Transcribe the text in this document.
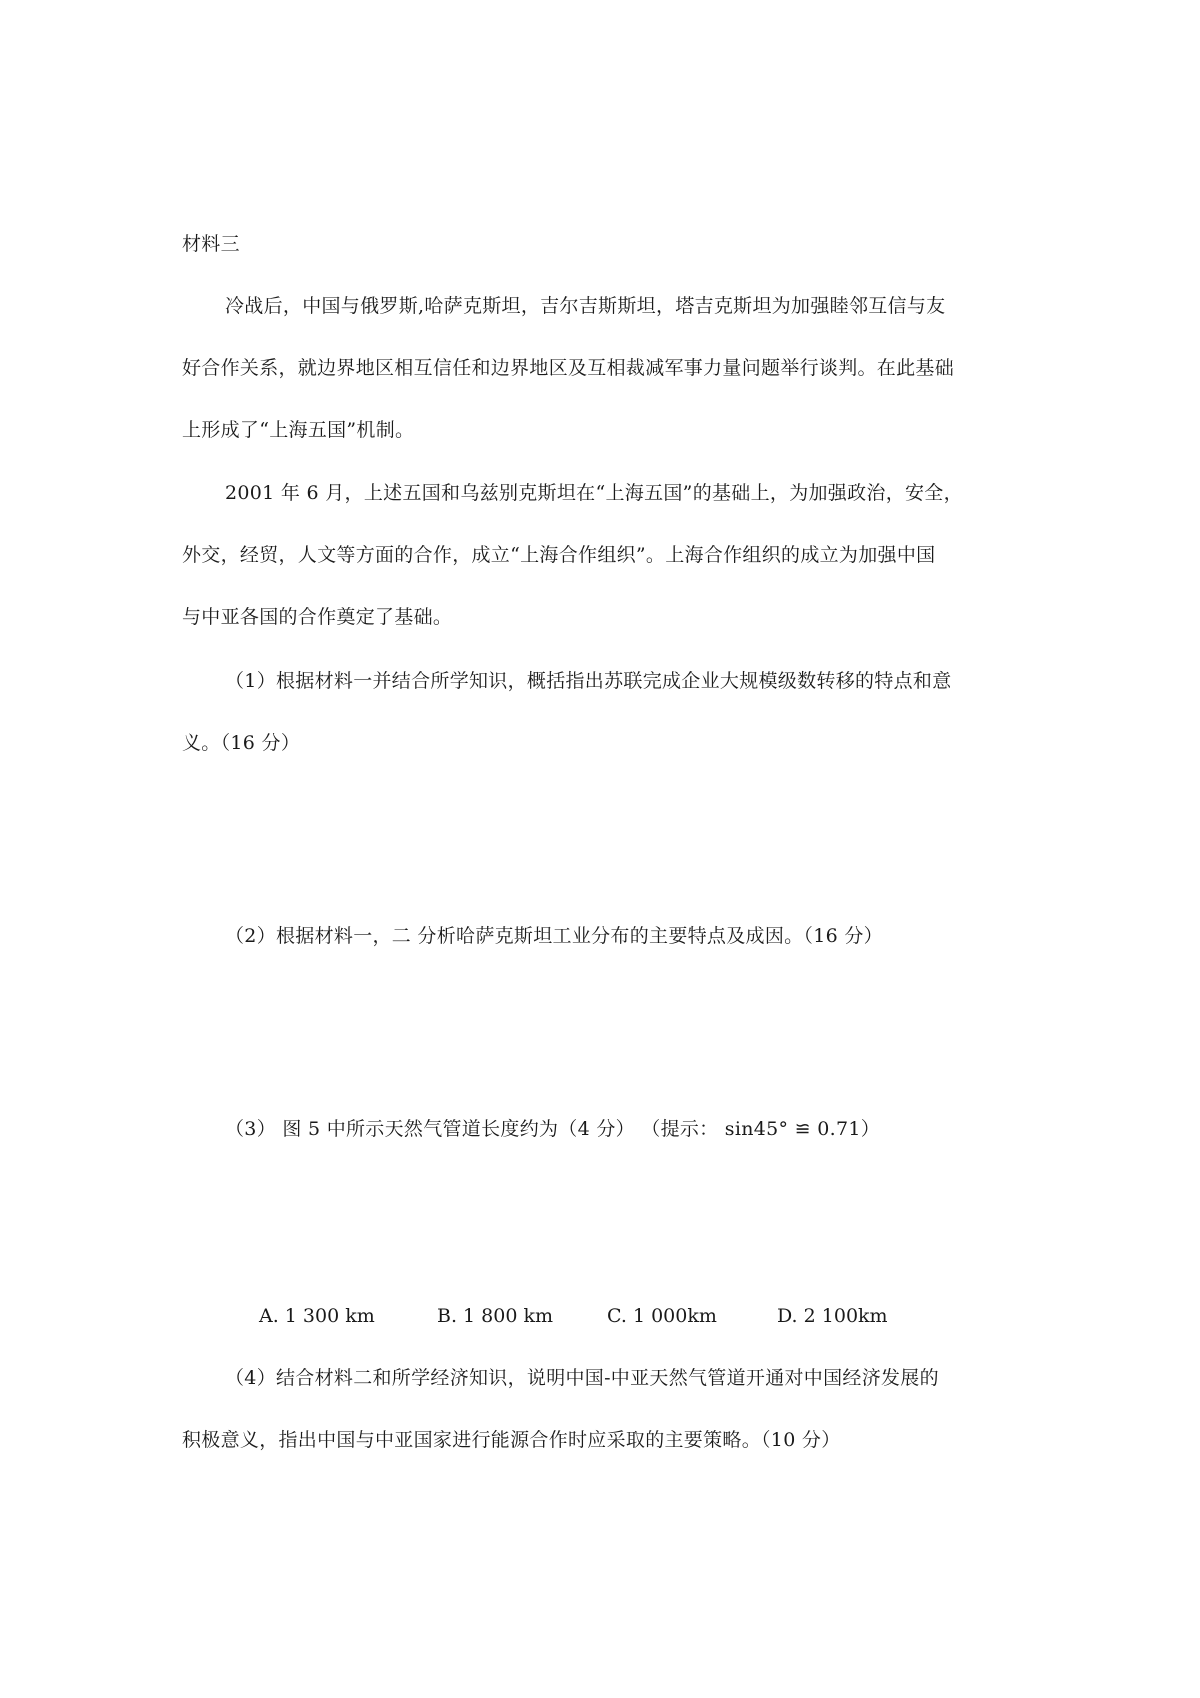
材料三
冷战后，中国与俄罗斯,哈萨克斯坦，吉尔吉斯斯坦，塔吉克斯坦为加强睦邻互信与友
好合作关系，就边界地区相互信任和边界地区及互相裁减军事力量问题举行谈判。在此基础
上形成了“上海五国”机制。
2001 年 6 月，上述五国和乌兹别克斯坦在“上海五国”的基础上，为加强政治，安全，
外交，经贸，人文等方面的合作，成立“上海合作组织”。上海合作组织的成立为加强中国
与中亚各国的合作奠定了基础。
（1）根据材料一并结合所学知识，概括指出苏联完成企业大规模级数转移的特点和意
义。（16 分）
（2）根据材料一，二 分析哈萨克斯坦工业分布的主要特点及成因。（16 分）
（3） 图 5 中所示天然气管道长度约为（4 分） （提示： sin45° ≌ 0.71）
A. 1 300 km	B. 1 800 km	C. 1 000km	D. 2 100km
（4）结合材料二和所学经济知识，说明中国-中亚天然气管道开通对中国经济发展的
积极意义，指出中国与中亚国家进行能源合作时应采取的主要策略。（10 分）
